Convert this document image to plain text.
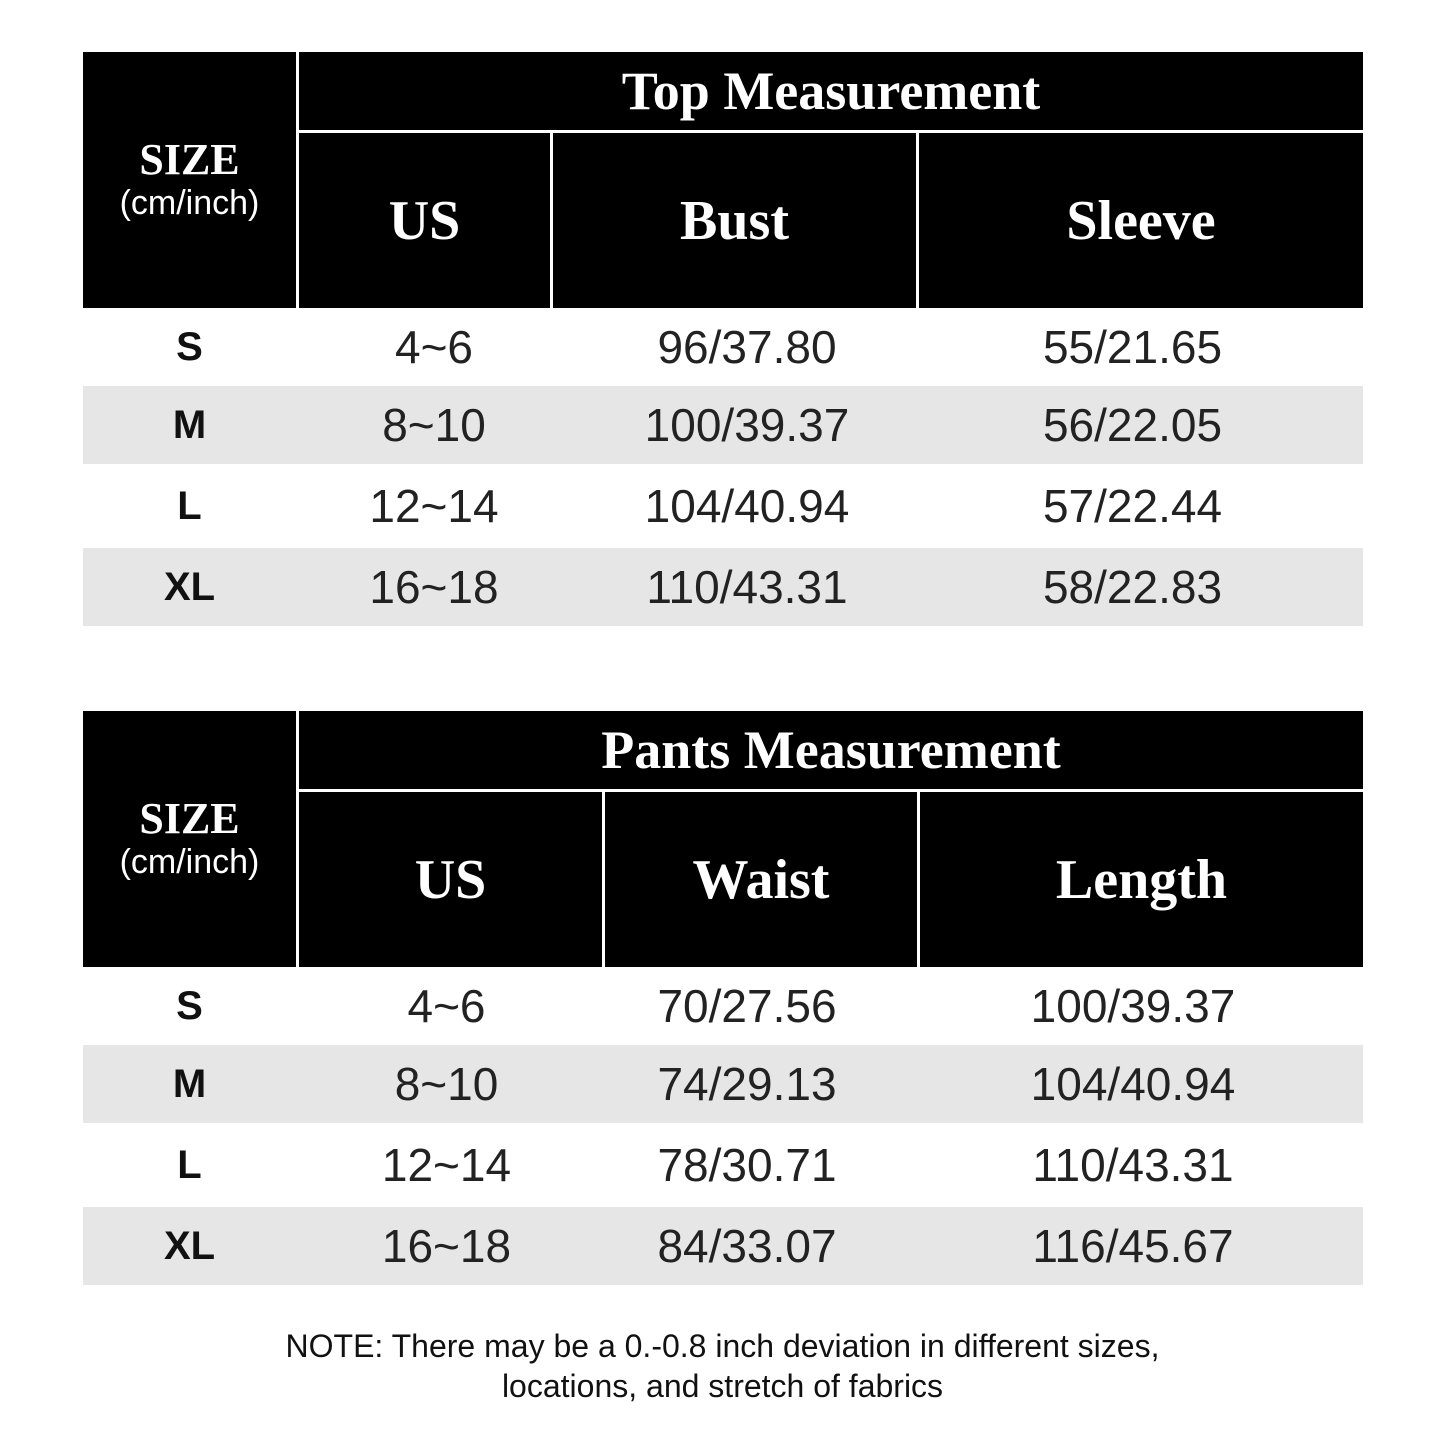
SIZE
(cm/inch)
Top Measurement
US	Bust	Sleeve
S	4~6	96/37.80	55/21.65
M	8~10	100/39.37	56/22.05
L	12~14	104/40.94	57/22.44
XL	16~18	110/43.31	58/22.83
SIZE
(cm/inch)
Pants Measurement
US	Waist	Length
S	4~6	70/27.56	100/39.37
M	8~10	74/29.13	104/40.94
L	12~14	78/30.71	110/43.31
XL	16~18	84/33.07	116/45.67
NOTE: There may be a 0.-0.8 inch deviation in different sizes,
locations, and stretch of fabrics
